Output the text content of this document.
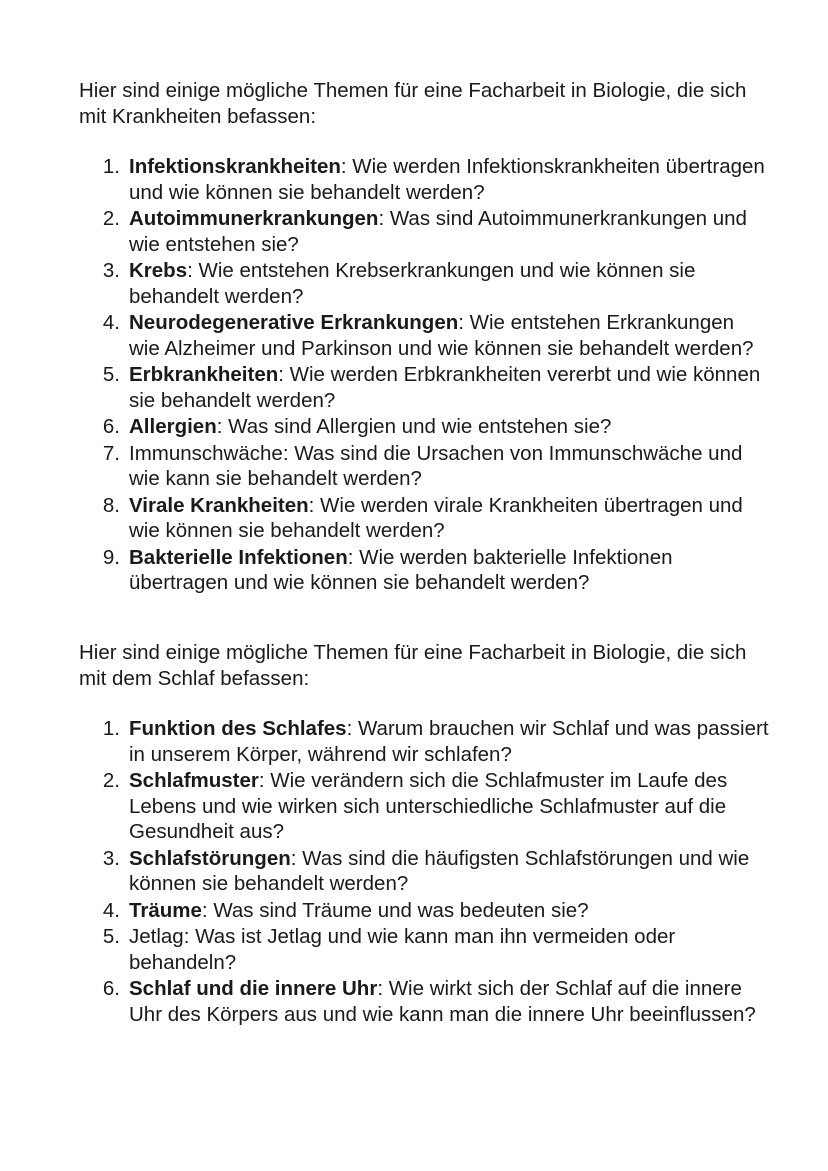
Hier sind einige mögliche Themen für eine Facharbeit in Biologie, die sich mit Krankheiten befassen:

1. Infektionskrankheiten: Wie werden Infektionskrankheiten übertragen und wie können sie behandelt werden?
2. Autoimmunerkrankungen: Was sind Autoimmunerkrankungen und wie entstehen sie?
3. Krebs: Wie entstehen Krebserkrankungen und wie können sie behandelt werden?
4. Neurodegenerative Erkrankungen: Wie entstehen Erkrankungen wie Alzheimer und Parkinson und wie können sie behandelt werden?
5. Erbkrankheiten: Wie werden Erbkrankheiten vererbt und wie können sie behandelt werden?
6. Allergien: Was sind Allergien und wie entstehen sie?
7. Immunschwäche: Was sind die Ursachen von Immunschwäche und wie kann sie behandelt werden?
8. Virale Krankheiten: Wie werden virale Krankheiten übertragen und wie können sie behandelt werden?
9. Bakterielle Infektionen: Wie werden bakterielle Infektionen übertragen und wie können sie behandelt werden?

Hier sind einige mögliche Themen für eine Facharbeit in Biologie, die sich mit dem Schlaf befassen:

1. Funktion des Schlafes: Warum brauchen wir Schlaf und was passiert in unserem Körper, während wir schlafen?
2. Schlafmuster: Wie verändern sich die Schlafmuster im Laufe des Lebens und wie wirken sich unterschiedliche Schlafmuster auf die Gesundheit aus?
3. Schlafstörungen: Was sind die häufigsten Schlafstörungen und wie können sie behandelt werden?
4. Träume: Was sind Träume und was bedeuten sie?
5. Jetlag: Was ist Jetlag und wie kann man ihn vermeiden oder behandeln?
6. Schlaf und die innere Uhr: Wie wirkt sich der Schlaf auf die innere Uhr des Körpers aus und wie kann man die innere Uhr beeinflussen?
